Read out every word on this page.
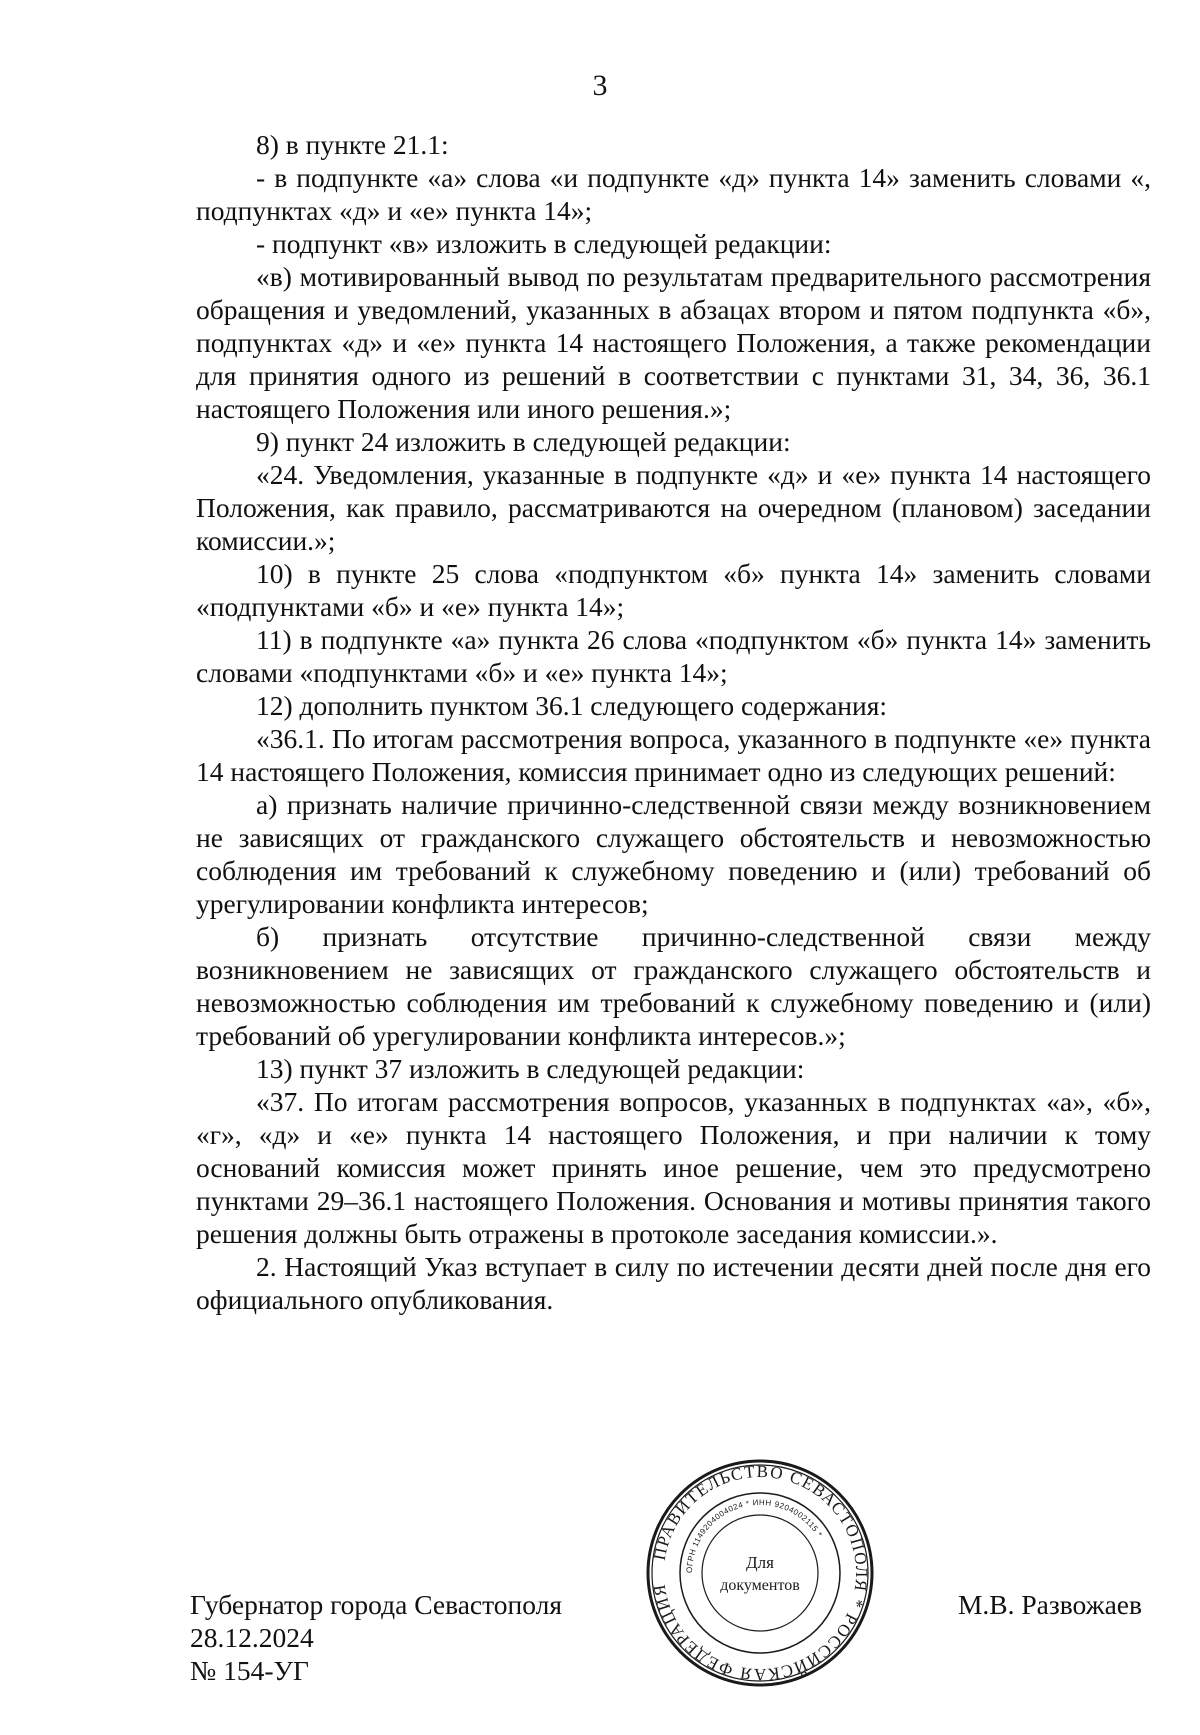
3

8) в пункте 21.1:

- в подпункте «а» слова «и подпункте «д» пункта 14» заменить словами «, подпунктах «д» и «е» пункта 14»;

- подпункт «в» изложить в следующей редакции:

«в) мотивированный вывод по результатам предварительного рассмотрения обращения и уведомлений, указанных в абзацах втором и пятом подпункта «б», подпунктах «д» и «е» пункта 14 настоящего Положения, а также рекомендации для принятия одного из решений в соответствии с пунктами 31, 34, 36, 36.1 настоящего Положения или иного решения.»;

9) пункт 24 изложить в следующей редакции:

«24. Уведомления, указанные в подпункте «д» и «е» пункта 14 настоящего Положения, как правило, рассматриваются на очередном (плановом) заседании комиссии.»;

10) в пункте 25 слова «подпунктом «б» пункта 14» заменить словами «подпунктами «б» и «е» пункта 14»;

11) в подпункте «а» пункта 26 слова «подпунктом «б» пункта 14» заменить словами «подпунктами «б» и «е» пункта 14»;

12) дополнить пунктом 36.1 следующего содержания:

«36.1. По итогам рассмотрения вопроса, указанного в подпункте «е» пункта 14 настоящего Положения, комиссия принимает одно из следующих решений:

а) признать наличие причинно-следственной связи между возникновением не зависящих от гражданского служащего обстоятельств и невозможностью соблюдения им требований к служебному поведению и (или) требований об урегулировании конфликта интересов;

б) признать отсутствие причинно-следственной связи между возникновением не зависящих от гражданского служащего обстоятельств и невозможностью соблюдения им требований к служебному поведению и (или) требований об урегулировании конфликта интересов.»;

13) пункт 37 изложить в следующей редакции:

«37. По итогам рассмотрения вопросов, указанных в подпунктах «а», «б», «г», «д» и «е» пункта 14 настоящего Положения, и при наличии к тому оснований комиссия может принять иное решение, чем это предусмотрено пунктами 29–36.1 настоящего Положения. Основания и мотивы принятия такого решения должны быть отражены в протоколе заседания комиссии.».

2. Настоящий Указ вступает в силу по истечении десяти дней после дня его официального опубликования.

Губернатор города Севастополя
28.12.2024
№ 154-УГ
М.В. Развожаев
ПРАВИТЕЛЬСТВО СЕВАСТОПОЛЯ * РОССИЙСКАЯ ФЕДЕРАЦИЯ
ОГРН 1149204004024 * ИНН 9204002115 *
Для
документов
